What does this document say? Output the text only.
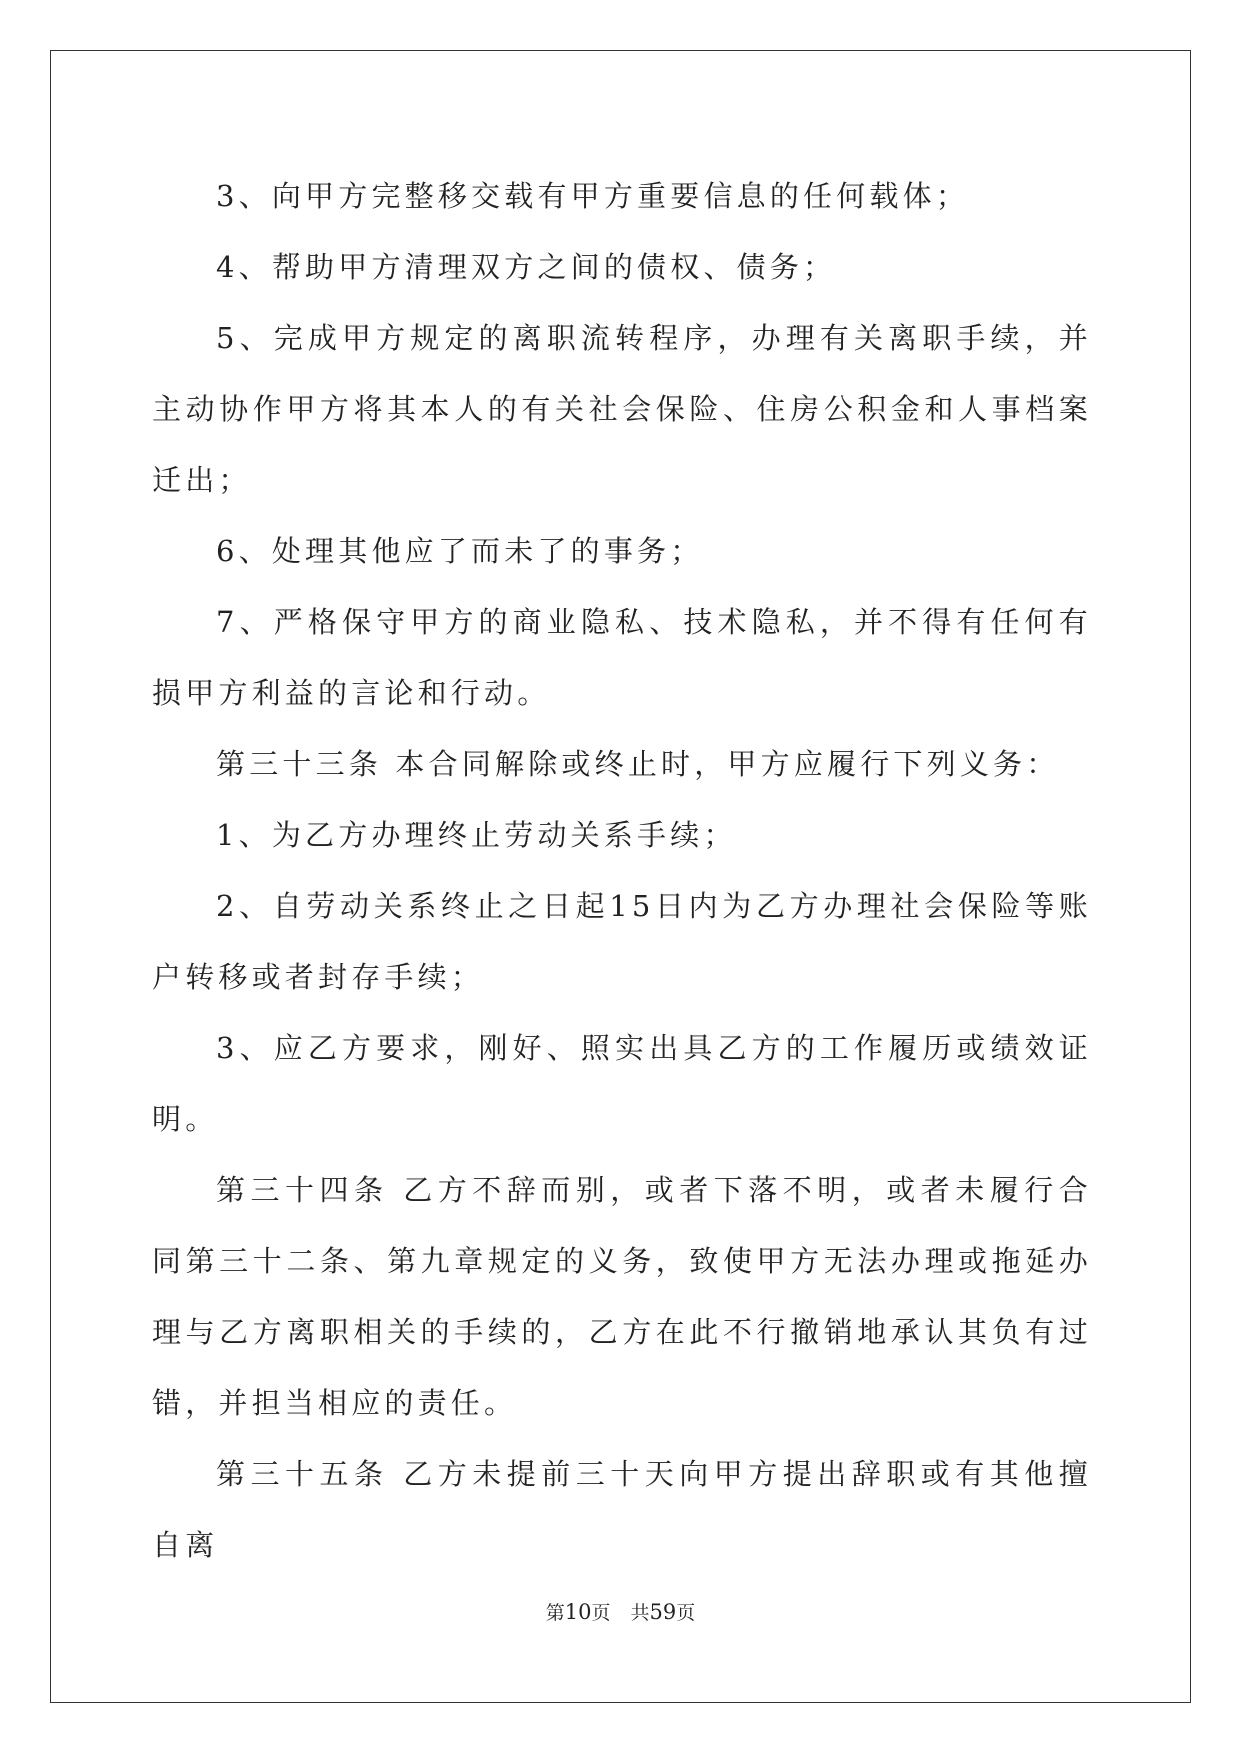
3、向甲方完整移交载有甲方重要信息的任何载体；

4、帮助甲方清理双方之间的债权、债务；

5、完成甲方规定的离职流转程序，办理有关离职手续，并主动协作甲方将其本人的有关社会保险、住房公积金和人事档案迁出；

6、处理其他应了而未了的事务；

7、严格保守甲方的商业隐私、技术隐私，并不得有任何有损甲方利益的言论和行动。

第三十三条 本合同解除或终止时，甲方应履行下列义务：

1、为乙方办理终止劳动关系手续；

2、自劳动关系终止之日起15日内为乙方办理社会保险等账户转移或者封存手续；

3、应乙方要求，刚好、照实出具乙方的工作履历或绩效证明。

第三十四条 乙方不辞而别，或者下落不明，或者未履行合同第三十二条、第九章规定的义务，致使甲方无法办理或拖延办理与乙方离职相关的手续的，乙方在此不行撤销地承认其负有过错，并担当相应的责任。

第三十五条 乙方未提前三十天向甲方提出辞职或有其他擅自离

第10页 共59页
